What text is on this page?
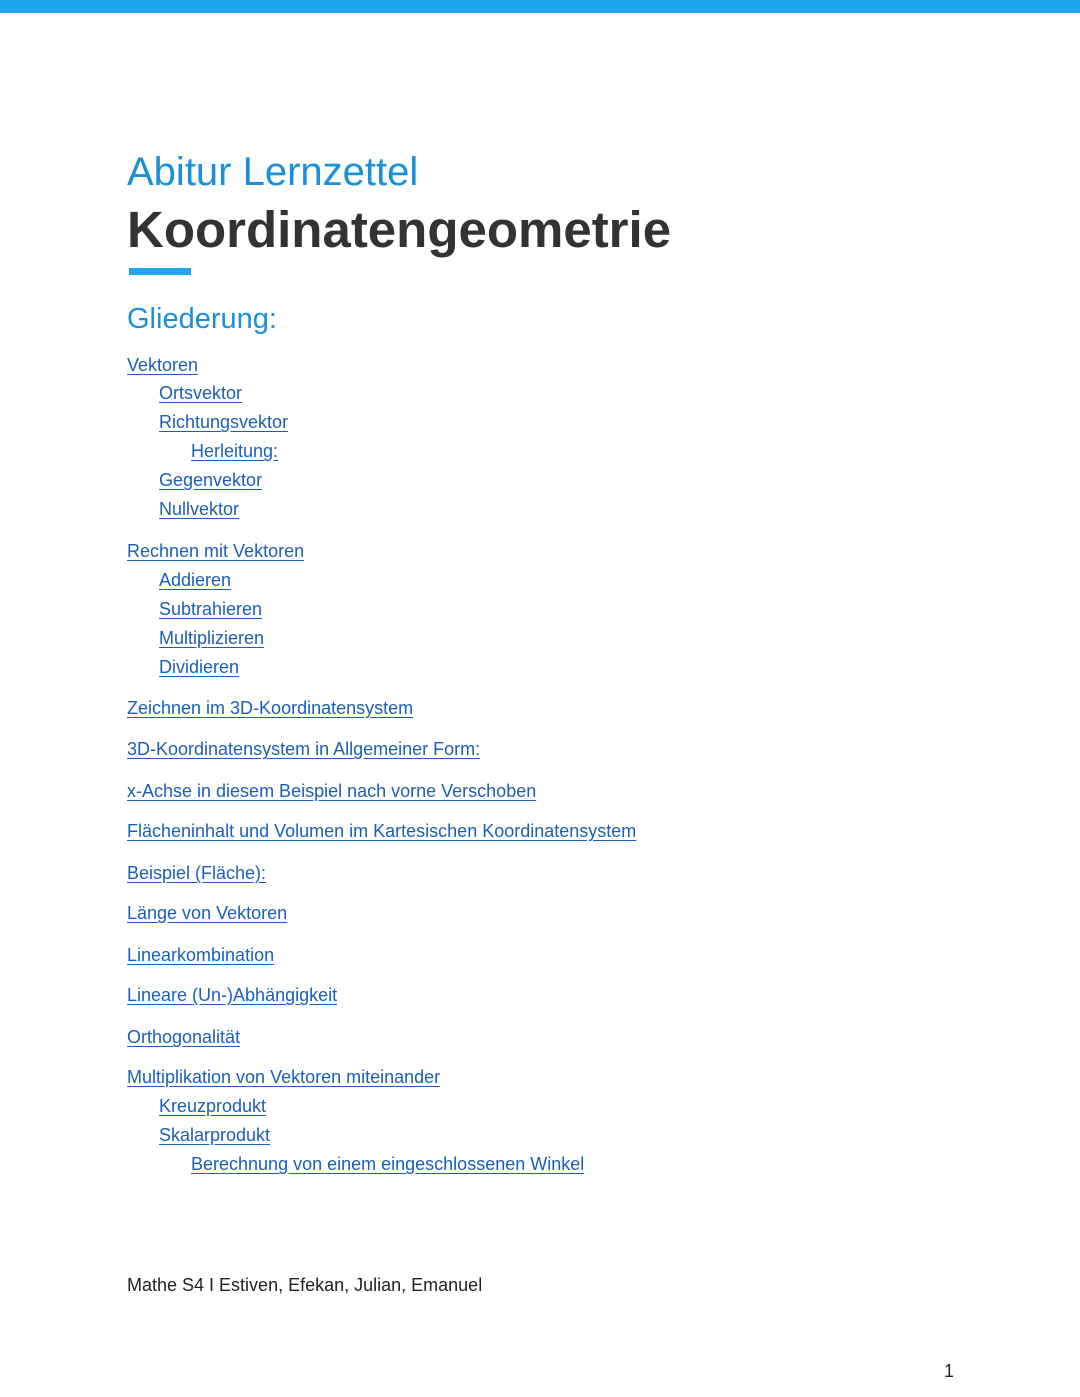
Abitur Lernzettel
Koordinatengeometrie
Gliederung:
Vektoren
Ortsvektor
Richtungsvektor
Herleitung:
Gegenvektor
Nullvektor
Rechnen mit Vektoren
Addieren
Subtrahieren
Multiplizieren
Dividieren
Zeichnen im 3D-Koordinatensystem
3D-Koordinatensystem in Allgemeiner Form:
x-Achse in diesem Beispiel nach vorne Verschoben
Flächeninhalt und Volumen im Kartesischen Koordinatensystem
Beispiel (Fläche):
Länge von Vektoren
Linearkombination
Lineare (Un-)Abhängigkeit
Orthogonalität
Multiplikation von Vektoren miteinander
Kreuzprodukt
Skalarprodukt
Berechnung von einem eingeschlossenen Winkel
Mathe S4 I Estiven, Efekan, Julian, Emanuel
1
